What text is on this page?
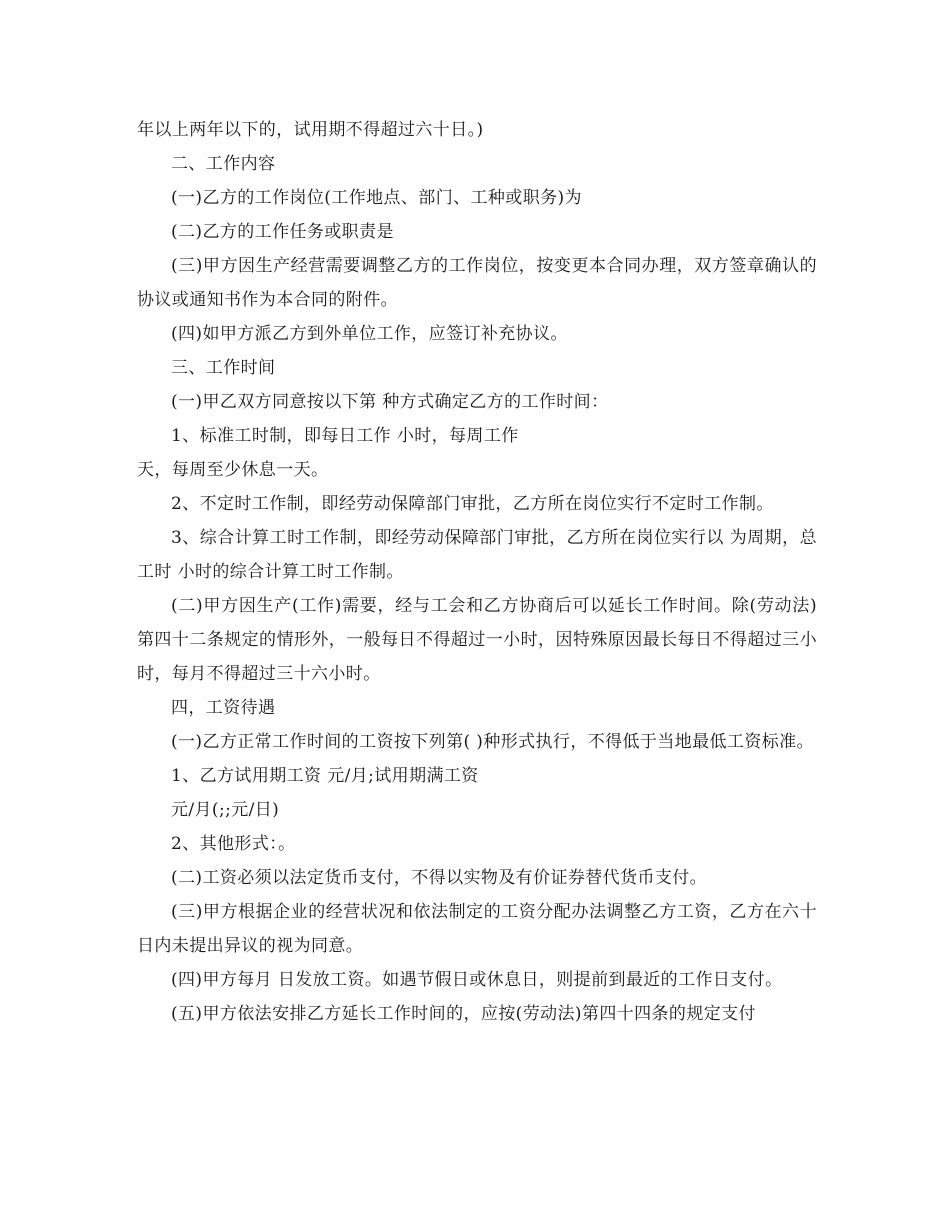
年以上两年以下的，试用期不得超过六十日。)

二、工作内容

(一)乙方的工作岗位(工作地点、部门、工种或职务)为

(二)乙方的工作任务或职责是

(三)甲方因生产经营需要调整乙方的工作岗位，按变更本合同办理，双方签章确认的协议或通知书作为本合同的附件。

(四)如甲方派乙方到外单位工作，应签订补充协议。

三、工作时间

(一)甲乙双方同意按以下第 种方式确定乙方的工作时间：

1、标准工时制，即每日工作 小时，每周工作

天，每周至少休息一天。

2、不定时工作制，即经劳动保障部门审批，乙方所在岗位实行不定时工作制。

3、综合计算工时工作制，即经劳动保障部门审批，乙方所在岗位实行以 为周期，总工时 小时的综合计算工时工作制。

(二)甲方因生产(工作)需要，经与工会和乙方协商后可以延长工作时间。除(劳动法)第四十二条规定的情形外，一般每日不得超过一小时，因特殊原因最长每日不得超过三小时，每月不得超过三十六小时。

四，工资待遇

(一)乙方正常工作时间的工资按下列第( )种形式执行，不得低于当地最低工资标准。

1、乙方试用期工资 元/月;试用期满工资

元/月(;;元/日)

2、其他形式：。

(二)工资必须以法定货币支付，不得以实物及有价证券替代货币支付。

(三)甲方根据企业的经营状况和依法制定的工资分配办法调整乙方工资，乙方在六十日内未提出异议的视为同意。

(四)甲方每月 日发放工资。如遇节假日或休息日，则提前到最近的工作日支付。

(五)甲方依法安排乙方延长工作时间的，应按(劳动法)第四十四条的规定支付
